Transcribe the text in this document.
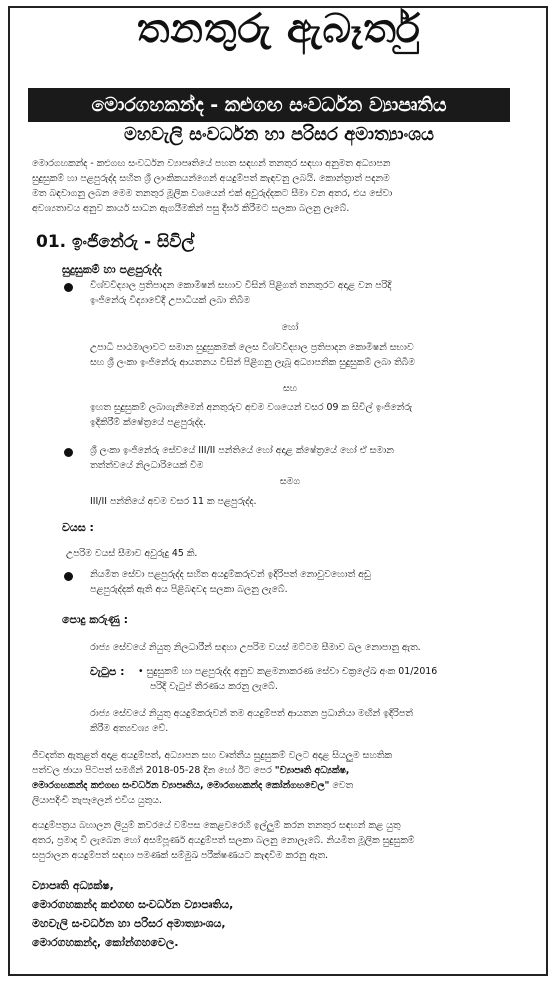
තනතුරු ඇබෑර්තු
මොරගහකන්ද - කළුගඟ සංවර්ධන ව්‍යාපෘතිය
මහවැලි සංවර්ධන හා පරිසර අමාත්‍යාංශය
මොරගහකන්ද - කළුගඟ සංවර්ධන ව්‍යාපෘතියේ පහත සඳහන් තනතුර සඳහා අනුමත අධ්‍යාපන
සුදුසුකම් හා පළපුරුද්ද සහිත ශ්‍රී ලාංකිකයන්ගෙන් අයදුම්පත් කැඳවනු ලබයි. කොන්ත්‍රාත් පදනම
මත බඳවාගනු ලබන මෙම තනතුර මූලික වශයෙන් එක් අවුරුද්දකට සීමා වන අතර, එය සේවා
අවශ්‍යතාවය අනුව කාර්ය සාධන ඇගයීමකින් පසු දීර්ඝ කිරීමට සලකා බලනු ලැබේ.
01. ඉංජිනේරු - සිවිල්
සුදුසුකම් හා පළපුරුද්ද
විශ්වවිද්‍යාල ප්‍රතිපාදන කොමිෂන් සභාව විසින් පිළිගත් තනතුරට අදාළ වන පරිදි
ඉංජිනේරු විද්‍යාවේදී උපාධියක් ලබා තිබීම
හෝ
උපාධි පාඨමාලාවට සමාන සුදුසුකමක් ලෙස විශ්වවිද්‍යාල ප්‍රතිපාදන කොමිෂන් සභාව
සහ ශ්‍රී ලංකා ඉංජිනේරු ආයතනය විසින් පිළිගනු ලැබූ අධ්‍යාපනික සුදුසුකම් ලබා තිබීම
සහ
ඉහත සුදුසුකම් ලබාගැනීමෙන් අනතුරුව අවම වශයෙන් වසර 09 ක සිවිල් ඉංජිනේරු
ඉදිකිරීම් ක්ෂේත්‍රයේ පළපුරුද්ද.
ශ්‍රී ලංකා ඉංජිනේරු සේවයේ III/II පන්තියේ හෝ අදාළ ක්ෂේත්‍රයේ හෝ ඒ සමාන
තත්ත්වයේ නිලධාරියෙක් වීම
සමග
III/II පන්තියේ අවම වසර 11 ක පළපුරුද්ද.
වයස :
උපරිම වයස් සීමාව අවුරුදු 45 කි.
නියමිත සේවා පළපුරුද්ද සහිත අයදුම්කරුවන් ඉදිරිපත් නොවුවහොත් අඩු
පළපුරුද්දක් ඇති අය පිළිබඳවද සලකා බලනු ලැබේ.
පොදු කරුණු :
රාජ්‍ය සේවයේ නියුතු නිලධාරීන් සඳහා උපරිම වයස් මට්ටම සීමාව බල නොපානු ඇත.
වැටුප : • සුදුසුකම් හා පළපුරුද්ද අනුව කළමනාකරණ සේවා චක්‍රලේඛ අංක 01/2016
පරිදි වැටුප් තීරණය කරනු ලැබේ.
රාජ්‍ය සේවයේ නියුතු අයදුම්කරුවන් තම අයදුම්පත් ආයතන ප්‍රධානියා මඟින් ඉදිරිපත්
කිරීම අත්‍යවශ්‍ය වේ.
ජීවදත්ත ඇතුළත් අදාළ අයදුම්පත්, අධ්‍යාපන සහ වෘත්තීය සුදුසුකම් වලට අදාළ සියලුම සහතික
පත්වල ඡායා පිටපත් සමගින් 2018-05-28 දින හෝ ඊට පෙර "ව්‍යාපෘති අධ්‍යක්ෂ,
මොරගහකන්ද කළුගඟ සංවර්ධන ව්‍යාපෘතිය, මොරගහකන්ද කෝන්ගහවෙල" වෙත
ලියාපදිංචි තැපෑලෙන් එවිය යුතුය.
අයදුම්පත්‍රය බහාලන ලියුම් කවරයේ වම්පස කෙළවරෙහි ඉල්ලුම් කරන තනතුර සඳහන් කළ යුතු
අතර, ප්‍රමාද වී ලැබෙන හෝ අසම්පූර්ණ අයදුම්පත් සලකා බලනු නොලැබේ. නියමිත මූලික සුදුසුකම්
සපුරාලන අයදුම්පත් සඳහා පමණක් සම්මුඛ පරීක්ෂණයට කැඳවීම කරනු ඇත.
ව්‍යාපෘති අධ්‍යක්ෂ,
මොරගහකන්ද කළුගඟ සංවර්ධන ව්‍යාපෘතිය,
මහවැලි සංවර්ධන හා පරිසර අමාත්‍යාංශය,
මොරගහකන්ද, කෝන්ගහවෙල.
